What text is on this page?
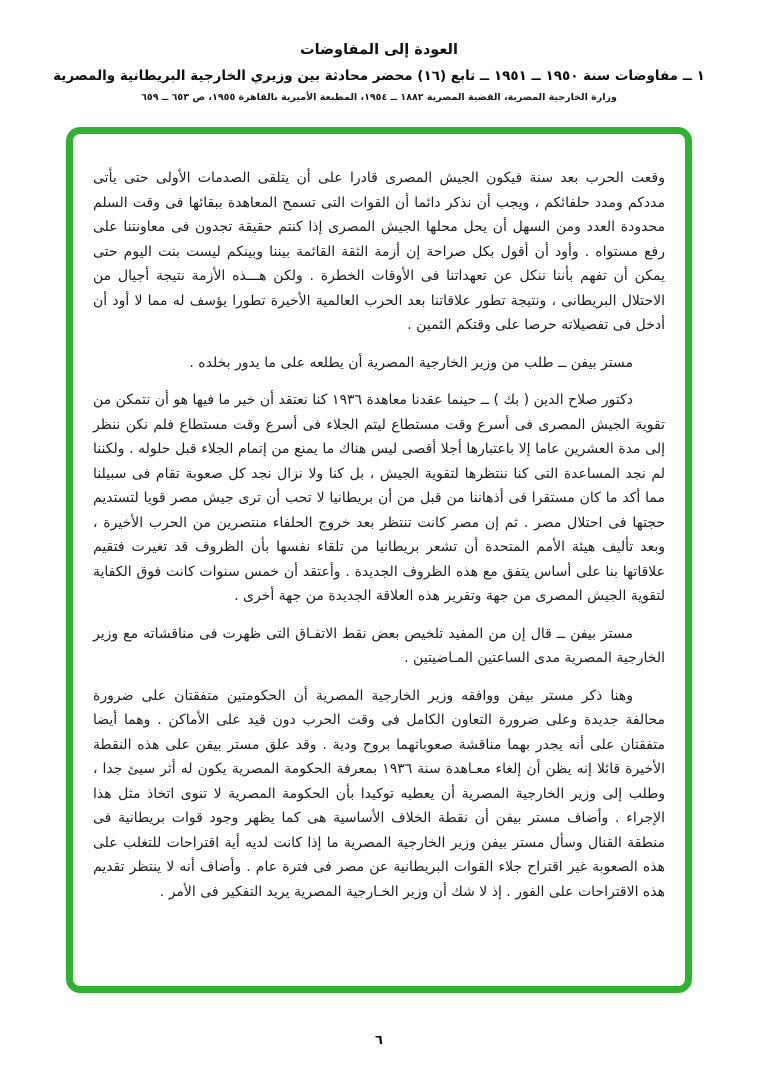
العودة إلى المفاوضات
١ ــ مفاوضات سنة ١٩٥٠ ــ ١٩٥١ ــ تابع (١٦) محضر محادثة بين وزيري الخارجية البريطانية والمصرية
وزارة الخارجية المصرية، القضية المصرية ١٨٨٢ ــ ١٩٥٤، المطبعة الأميرية بالقاهرة ١٩٥٥، ص ٦٥٣ ــ ٦٥٩

وقعت الحرب بعد سنة فيكون الجيش المصرى قادرا على أن يتلقى الصدمات الأولى حتى يأتى مددكم ومدد حلفائكم ، ويجب أن نذكر دائما أن القوات التى تسمح المعاهدة ببقائها فى وقت السلم محدودة العدد ومن السهل أن يحل محلها الجيش المصرى إذا كنتم حقيقة تجدون فى معاونتنا على رفع مستواه . وأود أن أقول بكل صراحة إن أزمة الثقة القائمة بيننا وبينكم ليست بنت اليوم حتى يمكن أن تفهم بأننا ننكل عن تعهداتنا فى الأوقات الخطرة . ولكن هـــذه الأزمة نتيجة أجيال من الاحتلال البريطانى ، ونتيجة تطور علاقاتنا بعد الحرب العالمية الأخيرة تطورا يؤسف له مما لا أود أن أدخل فى تفصيلاته حرصا على وقتكم الثمين .

مستر بيفن ــ طلب من وزير الخارجية المصرية أن يطلعه على ما يدور بخلده .

دكتور صلاح الدين ( بك ) ــ حينما عقدنا معاهدة ١٩٣٦ كنا نعتقد أن خير ما فيها هو أن نتمكن من تقوية الجيش المصرى فى أسرع وقت مستطاع ليتم الجلاء فى أسرع وقت مستطاع فلم نكن ننظر إلى مدة العشرين عاما إلا باعتبارها أجلا أقصى ليس هناك ما يمنع من إتمام الجلاء قبل حلوله . ولكننا لم نجد المساعدة التى كنا ننتظرها لتقوية الجيش ، بل كنا ولا نزال نجد كل صعوبة تقام فى سبيلنا مما أكد ما كان مستقرا فى أذهاننا من قبل من أن بريطانيا لا تحب أن ترى جيش مصر قويا لتستديم حجتها فى احتلال مصر . ثم إن مصر كانت تنتظر بعد خروج الحلفاء منتصرين من الحرب الأخيرة ، وبعد تأليف هيئة الأمم المتحدة أن تشعر بريطانيا من تلقاء نفسها بأن الظروف قد تغيرت فتقيم علاقاتها بنا على أساس يتفق مع هذه الظروف الجديدة . وأعتقد أن خمس سنوات كانت فوق الكفاية لتقوية الجيش المصرى من جهة وتقرير هذه العلاقة الجديدة من جهة أخرى .

مستر بيفن ــ قال إن من المفيد تلخيص بعض نقط الاتفـاق التى ظهرت فى مناقشاته مع وزير الخارجية المصرية مدى الساعتين المـاضيتين .

وهنا ذكر مستر بيفن ووافقه وزير الخارجية المصرية أن الحكومتين متفقتان على ضرورة محالفة جديدة وعلى ضرورة التعاون الكامل فى وقت الحرب دون قيد على الأماكن . وهما أيضا متفقتان على أنه يجدر بهما مناقشة صعوباتهما بروح ودية . وقد علق مستر بيفن على هذه النقطة الأخيرة قائلا إنه يظن أن إلغاء معـاهدة سنة ١٩٣٦ بمعرفة الحكومة المصرية يكون له أثر سيئ جدا ، وطلب إلى وزير الخارجية المصرية أن يعطيه توكيدا بأن الحكومة المصرية لا تنوى اتخاذ مثل هذا الإجراء . وأضاف مستر بيفن أن نقطة الخلاف الأساسية هى كما يظهر وجود قوات بريطانية فى منطقة القنال وسأل مستر بيفن وزير الخارجية المصرية ما إذا كانت لديه أية اقتراحات للتغلب على هذه الصعوبة غير اقتراح جلاء القوات البريطانية عن مصر فى فترة عام . وأضاف أنه لا ينتظر تقديم هذه الاقتراحات على الفور . إذ لا شك أن وزير الخـارجية المصرية يريد التفكير فى الأمر .

٦
